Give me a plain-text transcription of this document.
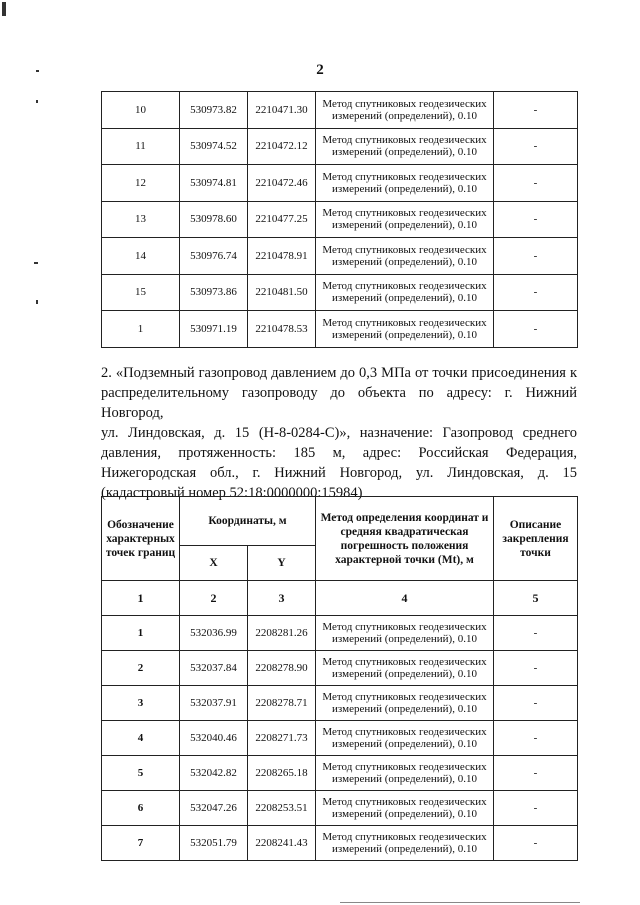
2
10	530973.82	2210471.30	Метод спутниковых геодезических измерений (определений), 0.10	-
11	530974.52	2210472.12	Метод спутниковых геодезических измерений (определений), 0.10	-
12	530974.81	2210472.46	Метод спутниковых геодезических измерений (определений), 0.10	-
13	530978.60	2210477.25	Метод спутниковых геодезических измерений (определений), 0.10	-
14	530976.74	2210478.91	Метод спутниковых геодезических измерений (определений), 0.10	-
15	530973.86	2210481.50	Метод спутниковых геодезических измерений (определений), 0.10	-
1	530971.19	2210478.53	Метод спутниковых геодезических измерений (определений), 0.10	-
2. «Подземный газопровод давлением до 0,3 МПа от точки присоединения к
распределительному газопроводу до объекта по адресу: г. Нижний Новгород,
ул. Линдовская, д. 15 (Н-8-0284-С)», назначение: Газопровод среднего
давления, протяженность: 185 м, адрес: Российская Федерация,
Нижегородская обл., г. Нижний Новгород, ул. Линдовская, д. 15
(кадастровый номер 52:18:0000000:15984)
Обозначение характерных точек границ	Координаты, м		Метод определения координат и средняя квадратическая погрешность положения характерной точки (Мt), м	Описание закрепления точки
	X	Y		
1	2	3	4	5
1	532036.99	2208281.26	Метод спутниковых геодезических измерений (определений), 0.10	-
2	532037.84	2208278.90	Метод спутниковых геодезических измерений (определений), 0.10	-
3	532037.91	2208278.71	Метод спутниковых геодезических измерений (определений), 0.10	-
4	532040.46	2208271.73	Метод спутниковых геодезических измерений (определений), 0.10	-
5	532042.82	2208265.18	Метод спутниковых геодезических измерений (определений), 0.10	-
6	532047.26	2208253.51	Метод спутниковых геодезических измерений (определений), 0.10	-
7	532051.79	2208241.43	Метод спутниковых геодезических измерений (определений), 0.10	-
